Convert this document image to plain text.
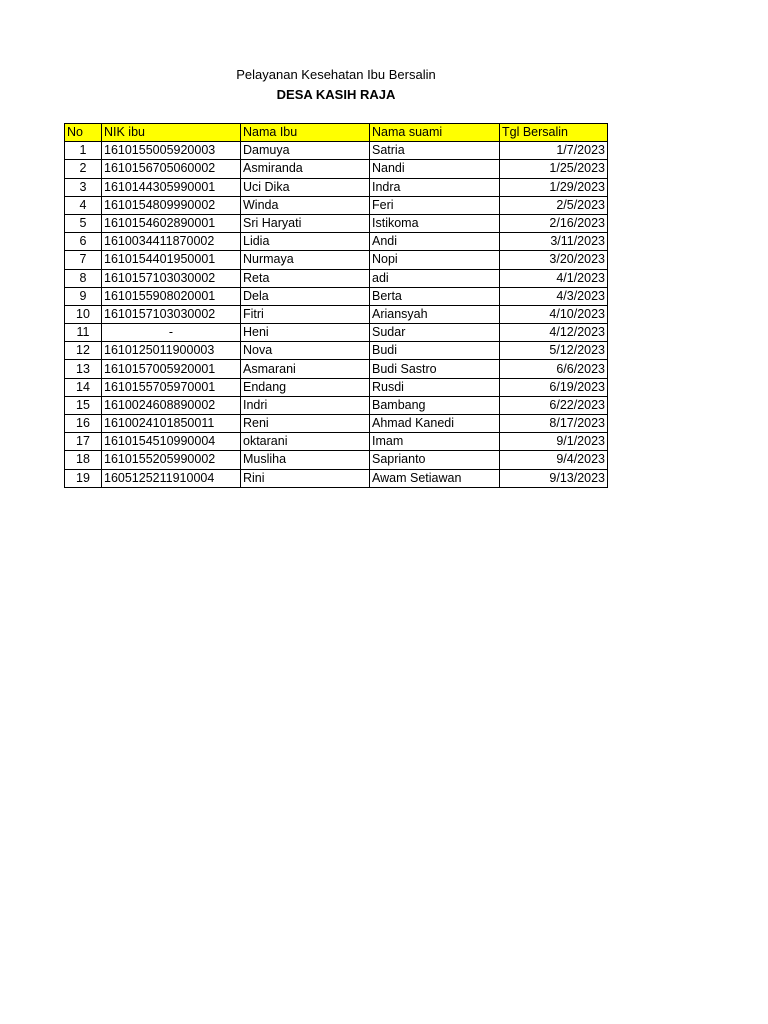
Pelayanan Kesehatan Ibu Bersalin
DESA KASIH RAJA
No	NIK ibu	Nama Ibu	Nama suami	Tgl Bersalin
1	1610155005920003	Damuya	Satria	1/7/2023
2	1610156705060002	Asmiranda	Nandi	1/25/2023
3	1610144305990001	Uci Dika	Indra	1/29/2023
4	1610154809990002	Winda	Feri	2/5/2023
5	1610154602890001	Sri Haryati	Istikoma	2/16/2023
6	1610034411870002	Lidia	Andi	3/11/2023
7	1610154401950001	Nurmaya	Nopi	3/20/2023
8	1610157103030002	Reta	adi	4/1/2023
9	1610155908020001	Dela	Berta	4/3/2023
10	1610157103030002	Fitri	Ariansyah	4/10/2023
11	-	Heni	Sudar	4/12/2023
12	1610125011900003	Nova	Budi	5/12/2023
13	1610157005920001	Asmarani	Budi Sastro	6/6/2023
14	1610155705970001	Endang	Rusdi	6/19/2023
15	1610024608890002	Indri	Bambang	6/22/2023
16	1610024101850011	Reni	Ahmad Kanedi	8/17/2023
17	1610154510990004	oktarani	Imam	9/1/2023
18	1610155205990002	Musliha	Saprianto	9/4/2023
19	1605125211910004	Rini	Awam Setiawan	9/13/2023
